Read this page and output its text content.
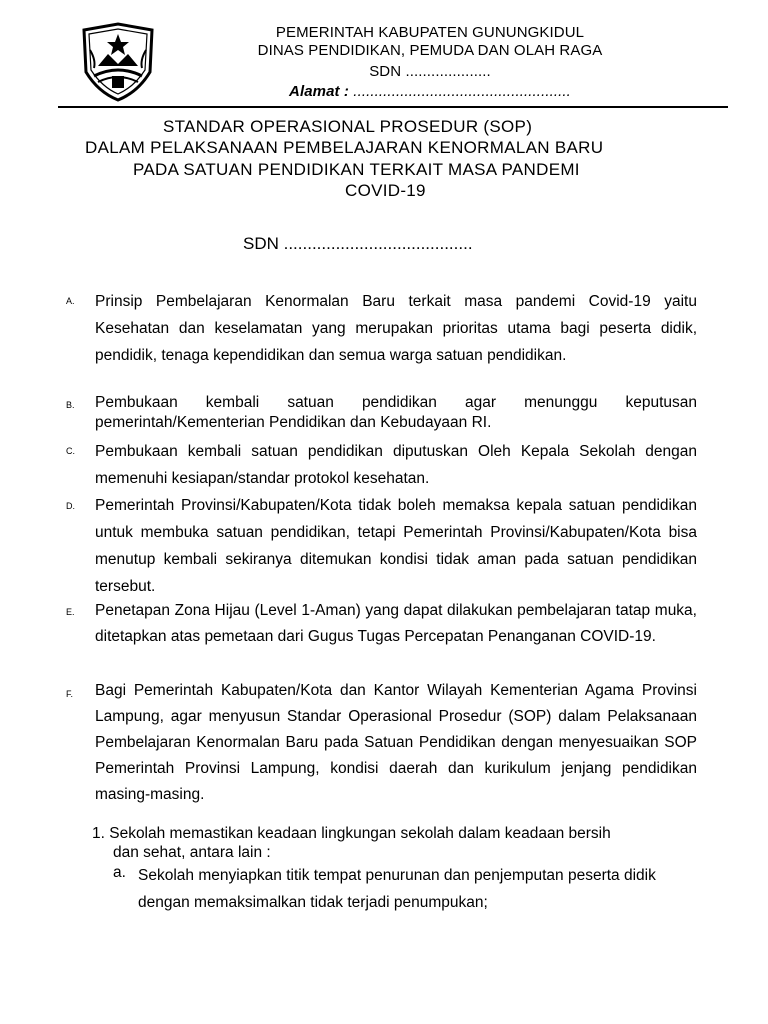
PEMERINTAH KABUPATEN GUNUNGKIDUL
DINAS PENDIDIKAN, PEMUDA DAN OLAH RAGA
SDN ....................
Alamat : ...................................................
STANDAR OPERASIONAL PROSEDUR (SOP)
DALAM PELAKSANAAN PEMBELAJARAN KENORMALAN BARU
PADA SATUAN PENDIDIKAN TERKAIT MASA PANDEMI
COVID-19
SDN ........................................
A. Prinsip Pembelajaran Kenormalan Baru terkait masa pandemi Covid-19 yaitu Kesehatan dan keselamatan yang merupakan prioritas utama bagi peserta didik, pendidik, tenaga kependidikan dan semua warga satuan pendidikan.
B. Pembukaan kembali satuan pendidikan agar menunggu keputusan pemerintah/Kementerian Pendidikan dan Kebudayaan RI.
C. Pembukaan kembali satuan pendidikan diputuskan Oleh Kepala Sekolah dengan memenuhi kesiapan/standar protokol kesehatan.
D. Pemerintah Provinsi/Kabupaten/Kota tidak boleh memaksa kepala satuan pendidikan untuk membuka satuan pendidikan, tetapi Pemerintah Provinsi/Kabupaten/Kota bisa menutup kembali sekiranya ditemukan kondisi tidak aman pada satuan pendidikan tersebut.
E. Penetapan Zona Hijau (Level 1-Aman) yang dapat dilakukan pembelajaran tatap muka, ditetapkan atas pemetaan dari Gugus Tugas Percepatan Penanganan COVID-19.
F. Bagi Pemerintah Kabupaten/Kota dan Kantor Wilayah Kementerian Agama Provinsi Lampung, agar menyusun Standar Operasional Prosedur (SOP) dalam Pelaksanaan Pembelajaran Kenormalan Baru pada Satuan Pendidikan dengan menyesuaikan SOP Pemerintah Provinsi Lampung, kondisi daerah dan kurikulum jenjang pendidikan masing-masing.
1. Sekolah memastikan keadaan lingkungan sekolah dalam keadaan bersih
dan sehat, antara lain :
a. Sekolah menyiapkan titik tempat penurunan dan penjemputan peserta didik dengan memaksimalkan tidak terjadi penumpukan;
